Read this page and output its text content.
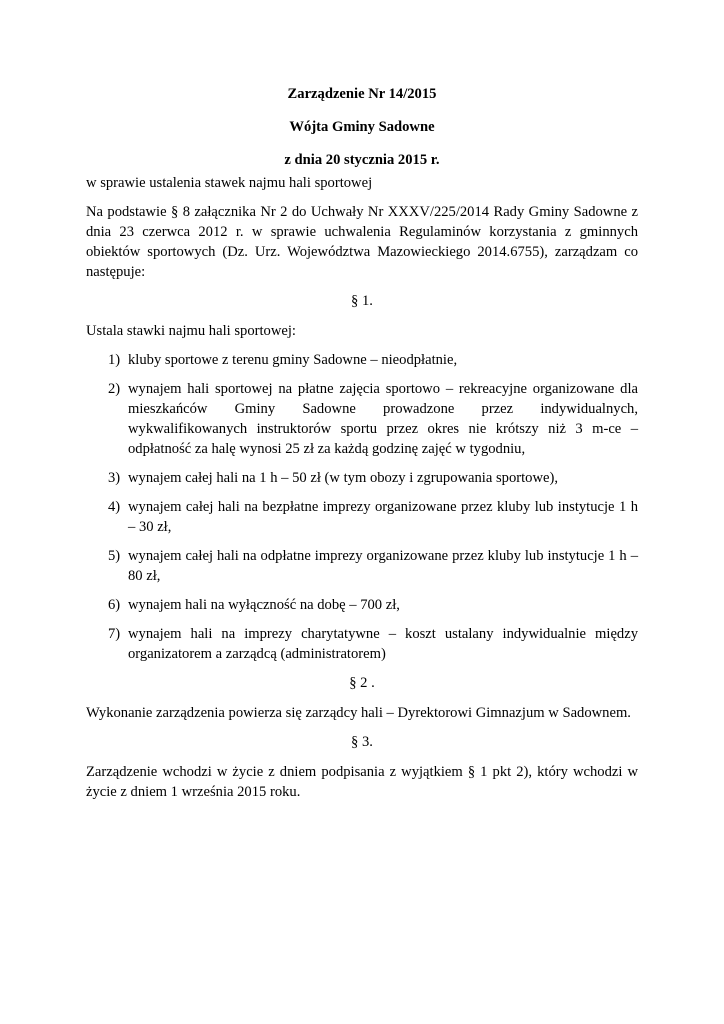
Zarządzenie Nr 14/2015
Wójta Gminy Sadowne
z dnia 20 stycznia 2015 r.

w sprawie ustalenia stawek najmu hali sportowej

Na podstawie § 8 załącznika Nr 2 do Uchwały Nr XXXV/225/2014 Rady Gminy Sadowne z dnia 23 czerwca 2012 r. w sprawie uchwalenia Regulaminów korzystania z gminnych obiektów sportowych (Dz. Urz. Województwa Mazowieckiego 2014.6755), zarządzam co następuje:

§ 1.

Ustala stawki najmu hali sportowej:

1) kluby sportowe z terenu gminy Sadowne – nieodpłatnie,
2) wynajem hali sportowej na płatne zajęcia sportowo – rekreacyjne organizowane dla mieszkańców Gminy Sadowne prowadzone przez indywidualnych, wykwalifikowanych instruktorów sportu przez okres nie krótszy niż 3 m-ce – odpłatność za halę wynosi 25 zł za każdą godzinę zajęć w tygodniu,
3) wynajem całej hali na 1 h – 50 zł (w tym obozy i zgrupowania sportowe),
4) wynajem całej hali na bezpłatne imprezy organizowane przez kluby lub instytucje 1 h – 30 zł,
5) wynajem całej hali na odpłatne imprezy organizowane przez kluby lub instytucje 1 h – 80 zł,
6) wynajem hali na wyłączność na dobę – 700 zł,
7) wynajem hali na imprezy charytatywne – koszt ustalany indywidualnie między organizatorem a zarządcą (administratorem)
§ 2 .

Wykonanie zarządzenia powierza się zarządcy hali – Dyrektorowi Gimnazjum w Sadownem.

§ 3.

Zarządzenie wchodzi w życie z dniem podpisania z wyjątkiem § 1 pkt 2), który wchodzi w życie z dniem 1 września 2015 roku.
